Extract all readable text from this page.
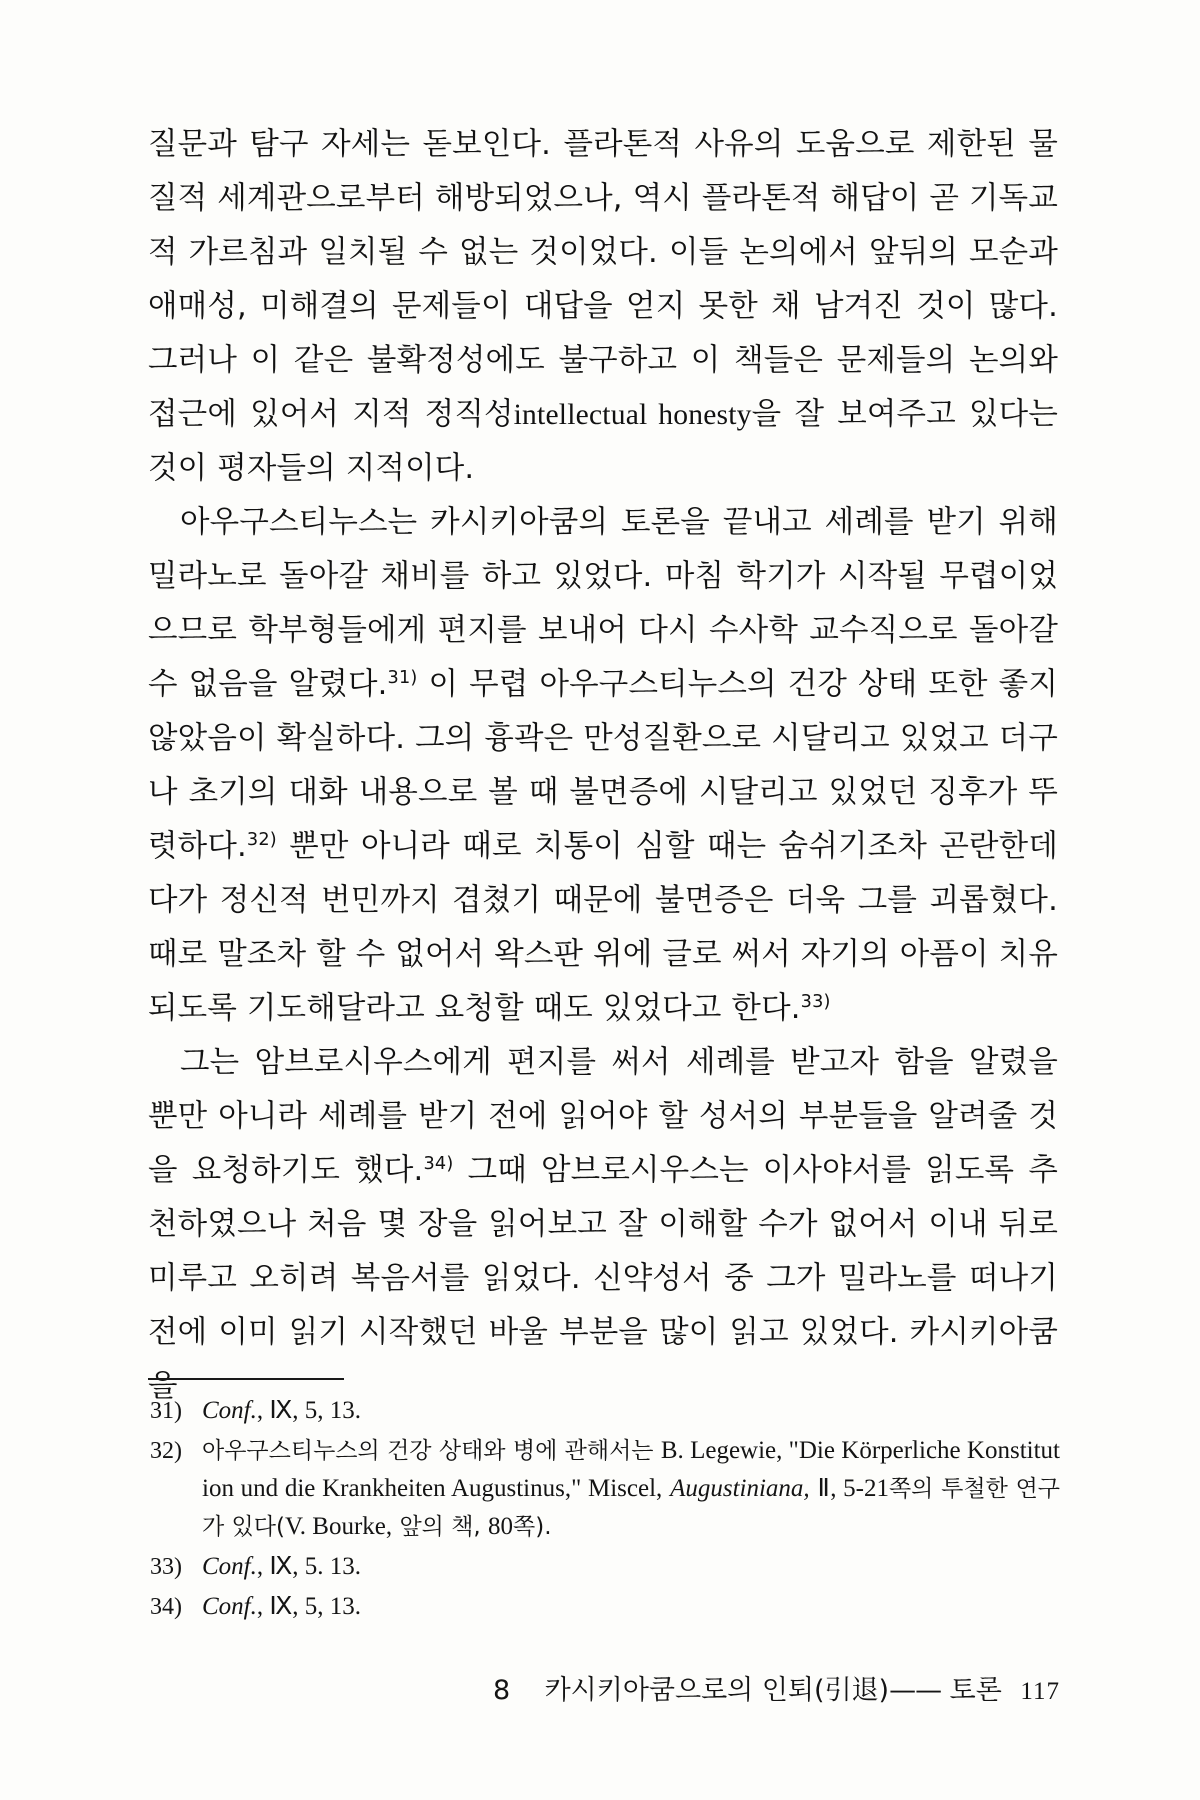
질문과 탐구 자세는 돋보인다. 플라톤적 사유의 도움으로 제한된 물질적 세계관으로부터 해방되었으나, 역시 플라톤적 해답이 곧 기독교적 가르침과 일치될 수 없는 것이었다. 이들 논의에서 앞뒤의 모순과 애매성, 미해결의 문제들이 대답을 얻지 못한 채 남겨진 것이 많다. 그러나 이 같은 불확정성에도 불구하고 이 책들은 문제들의 논의와 접근에 있어서 지적 정직성intellectual honesty을 잘 보여주고 있다는 것이 평자들의 지적이다.

아우구스티누스는 카시키아쿰의 토론을 끝내고 세례를 받기 위해 밀라노로 돌아갈 채비를 하고 있었다. 마침 학기가 시작될 무렵이었으므로 학부형들에게 편지를 보내어 다시 수사학 교수직으로 돌아갈 수 없음을 알렸다.$^{31)}$ 이 무렵 아우구스티누스의 건강 상태 또한 좋지 않았음이 확실하다. 그의 흉곽은 만성질환으로 시달리고 있었고 더구나 초기의 대화 내용으로 볼 때 불면증에 시달리고 있었던 징후가 뚜렷하다.$^{32)}$ 뿐만 아니라 때로 치통이 심할 때는 숨쉬기조차 곤란한데다가 정신적 번민까지 겹쳤기 때문에 불면증은 더욱 그를 괴롭혔다. 때로 말조차 할 수 없어서 왁스판 위에 글로 써서 자기의 아픔이 치유되도록 기도해달라고 요청할 때도 있었다고 한다.$^{33)}$

그는 암브로시우스에게 편지를 써서 세례를 받고자 함을 알렸을 뿐만 아니라 세례를 받기 전에 읽어야 할 성서의 부분들을 알려줄 것을 요청하기도 했다.$^{34)}$ 그때 암브로시우스는 이사야서를 읽도록 추천하였으나 처음 몇 장을 읽어보고 잘 이해할 수가 없어서 이내 뒤로 미루고 오히려 복음서를 읽었다. 신약성서 중 그가 밀라노를 떠나기 전에 이미 읽기 시작했던 바울 부분을 많이 읽고 있었다. 카시키아쿰을

31) Conf., Ⅸ, 5, 13.
32) 아우구스티누스의 건강 상태와 병에 관해서는 B. Legewie, "Die Körperliche Konstitution und die Krankheiten Augustinus," Miscel, Augustiniana, Ⅱ, 5-21쪽의 투철한 연구가 있다(V. Bourke, 앞의 책, 80쪽).
33) Conf., Ⅸ, 5. 13.
34) Conf., Ⅸ, 5, 13.
8 카시키아쿰으로의 인퇴(引退)—— 토론 117
